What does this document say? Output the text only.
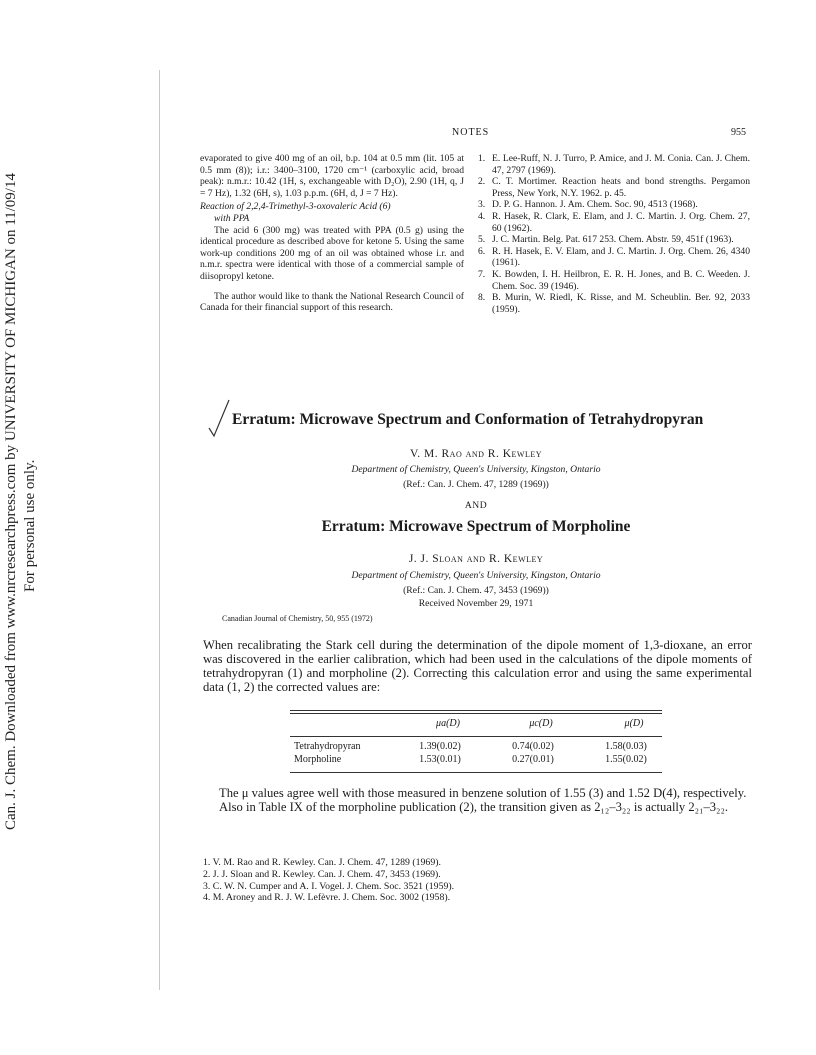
Can. J. Chem. Downloaded from www.nrcresearchpress.com by UNIVERSITY OF MICHIGAN on 11/09/14 For personal use only.
NOTES	955

evaporated to give 400 mg of an oil, b.p. 104 at 0.5 mm (lit. 105 at 0.5 mm (8)); i.r.: 3400–3100, 1720 cm⁻¹ (carboxylic acid, broad peak): n.m.r.: 10.42 (1H, s, exchangeable with D₂O), 2.90 (1H, q, J = 7 Hz), 1.32 (6H, s), 1.03 p.p.m. (6H, d, J = 7 Hz).

Reaction of 2,2,4-Trimethyl-3-oxovaleric Acid (6)

with PPA

The acid 6 (300 mg) was treated with PPA (0.5 g) using the identical procedure as described above for ketone 5. Using the same work-up conditions 200 mg of an oil was obtained whose i.r. and n.m.r. spectra were identical with those of a commercial sample of diisopropyl ketone.

The author would like to thank the National Research Council of Canada for their financial support of this research.

1. E. Lee-Ruff, N. J. Turro, P. Amice, and J. M. Conia. Can. J. Chem. 47, 2797 (1969).
2. C. T. Mortimer. Reaction heats and bond strengths. Pergamon Press, New York, N.Y. 1962. p. 45.
3. D. P. G. Hannon. J. Am. Chem. Soc. 90, 4513 (1968).
4. R. Hasek, R. Clark, E. Elam, and J. C. Martin. J. Org. Chem. 27, 60 (1962).
5. J. C. Martin. Belg. Pat. 617 253. Chem. Abstr. 59, 451f (1963).
6. R. H. Hasek, E. V. Elam, and J. C. Martin. J. Org. Chem. 26, 4340 (1961).
7. K. Bowden, I. H. Heilbron, E. R. H. Jones, and B. C. Weeden. J. Chem. Soc. 39 (1946).
8. B. Murin, W. Riedl, K. Risse, and M. Scheublin. Ber. 92, 2033 (1959).
Erratum: Microwave Spectrum and Conformation of Tetrahydropyran
V. M. Rao and R. Kewley
Department of Chemistry, Queen's University, Kingston, Ontario
(Ref.: Can. J. Chem. 47, 1289 (1969))
AND
Erratum: Microwave Spectrum of Morpholine
J. J. Sloan and R. Kewley
Department of Chemistry, Queen's University, Kingston, Ontario
(Ref.: Can. J. Chem. 47, 3453 (1969))
Received November 29, 1971
Canadian Journal of Chemistry, 50, 955 (1972)

When recalibrating the Stark cell during the determination of the dipole moment of 1,3-dioxane, an error was discovered in the earlier calibration, which had been used in the calculations of the dipole moments of tetrahydropyran (1) and morpholine (2). Correcting this calculation error and using the same experimental data (1, 2) the corrected values are:

	μa(D)	μc(D)	μ(D)
Tetrahydropyran	1.39(0.02)	0.74(0.02)	1.58(0.03)
Morpholine	1.53(0.01)	0.27(0.01)	1.55(0.02)

The μ values agree well with those measured in benzene solution of 1.55 (3) and 1.52 D(4), respectively.

Also in Table IX of the morpholine publication (2), the transition given as 2₁₂–3₂₂ is actually 2₂₁–3₂₂.

1. V. M. Rao and R. Kewley. Can. J. Chem. 47, 1289 (1969).
2. J. J. Sloan and R. Kewley. Can. J. Chem. 47, 3453 (1969).
3. C. W. N. Cumper and A. I. Vogel. J. Chem. Soc. 3521 (1959).
4. M. Aroney and R. J. W. Lefèvre. J. Chem. Soc. 3002 (1958).
